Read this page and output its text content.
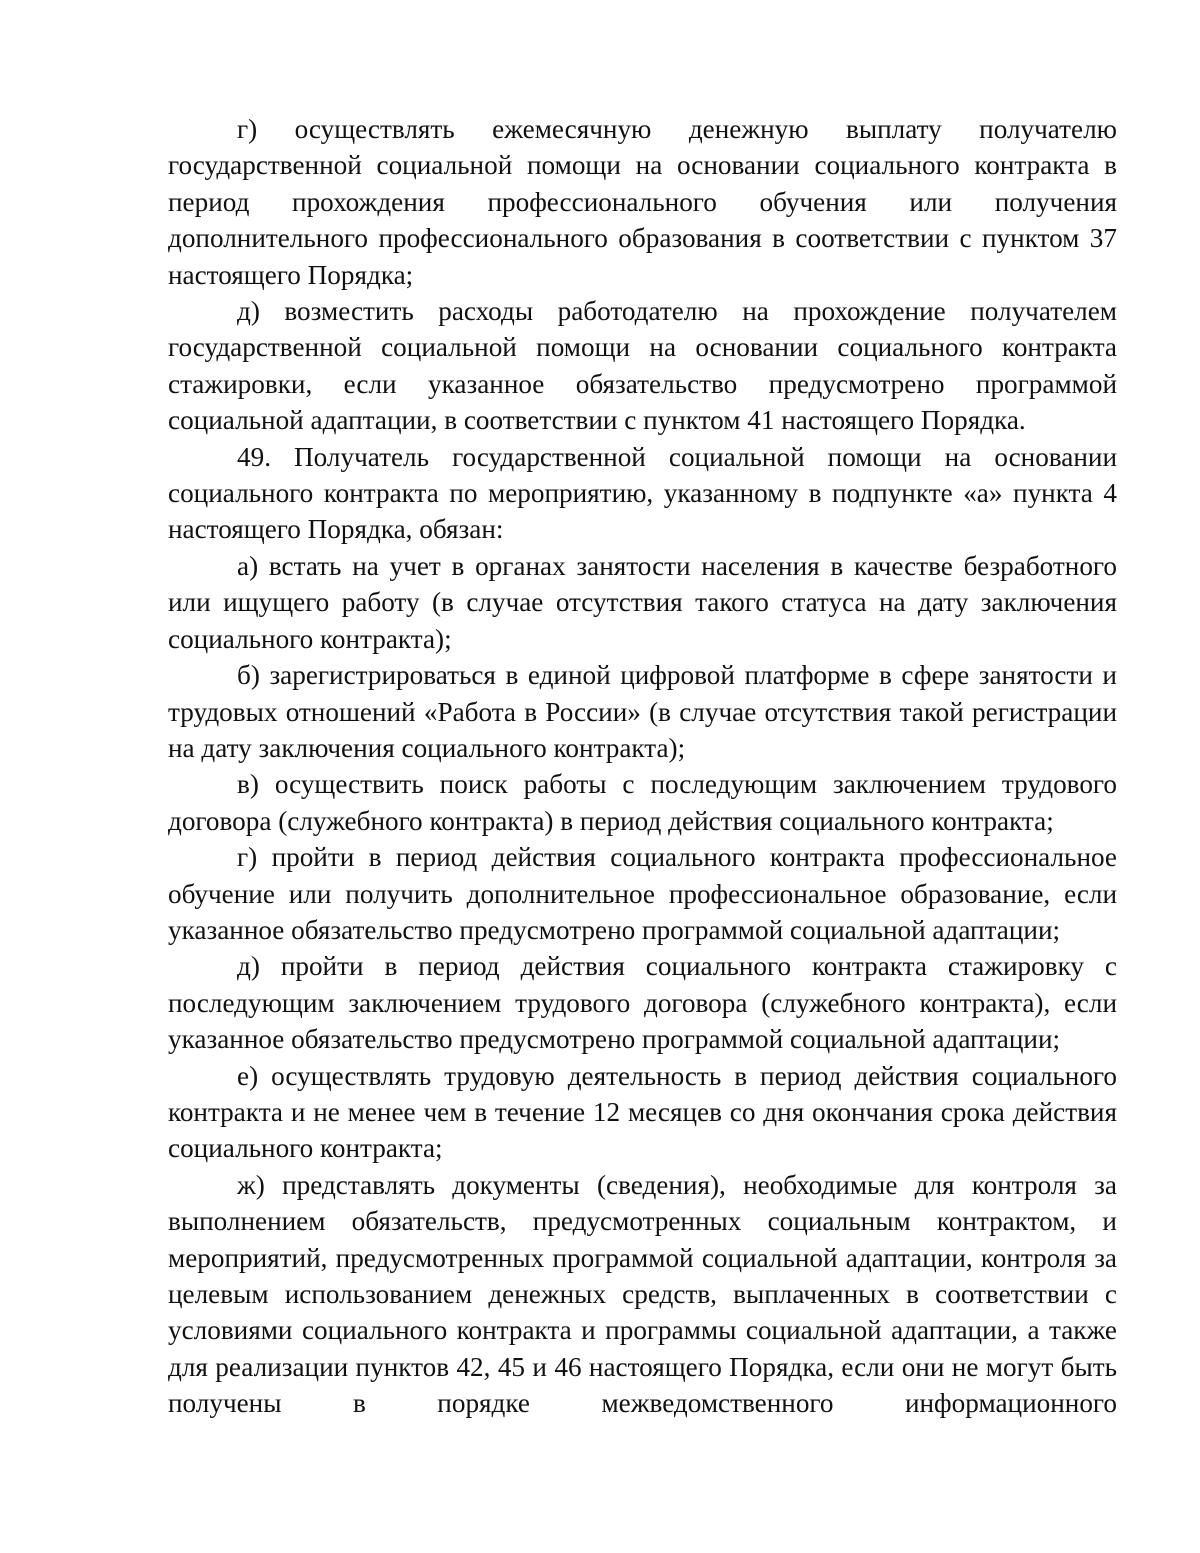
г) осуществлять ежемесячную денежную выплату получателю государственной социальной помощи на основании социального контракта в период прохождения профессионального обучения или получения дополнительного профессионального образования в соответствии с пунктом 37 настоящего Порядка;

д) возместить расходы работодателю на прохождение получателем государственной социальной помощи на основании социального контракта стажировки, если указанное обязательство предусмотрено программой социальной адаптации, в соответствии с пунктом 41 настоящего Порядка.

49. Получатель государственной социальной помощи на основании социального контракта по мероприятию, указанному в подпункте «а» пункта 4 настоящего Порядка, обязан:

а) встать на учет в органах занятости населения в качестве безработного или ищущего работу (в случае отсутствия такого статуса на дату заключения социального контракта);

б) зарегистрироваться в единой цифровой платформе в сфере занятости и трудовых отношений «Работа в России» (в случае отсутствия такой регистрации на дату заключения социального контракта);

в) осуществить поиск работы с последующим заключением трудового договора (служебного контракта) в период действия социального контракта;

г) пройти в период действия социального контракта профессиональное обучение или получить дополнительное профессиональное образование, если указанное обязательство предусмотрено программой социальной адаптации;

д) пройти в период действия социального контракта стажировку с последующим заключением трудового договора (служебного контракта), если указанное обязательство предусмотрено программой социальной адаптации;

е) осуществлять трудовую деятельность в период действия социального контракта и не менее чем в течение 12 месяцев со дня окончания срока действия социального контракта;

ж) представлять документы (сведения), необходимые для контроля за выполнением обязательств, предусмотренных социальным контрактом, и мероприятий, предусмотренных программой социальной адаптации, контроля за целевым использованием денежных средств, выплаченных в соответствии с условиями социального контракта и программы социальной адаптации, а также для реализации пунктов 42, 45 и 46 настоящего Порядка, если они не могут быть получены в порядке межведомственного информационного
